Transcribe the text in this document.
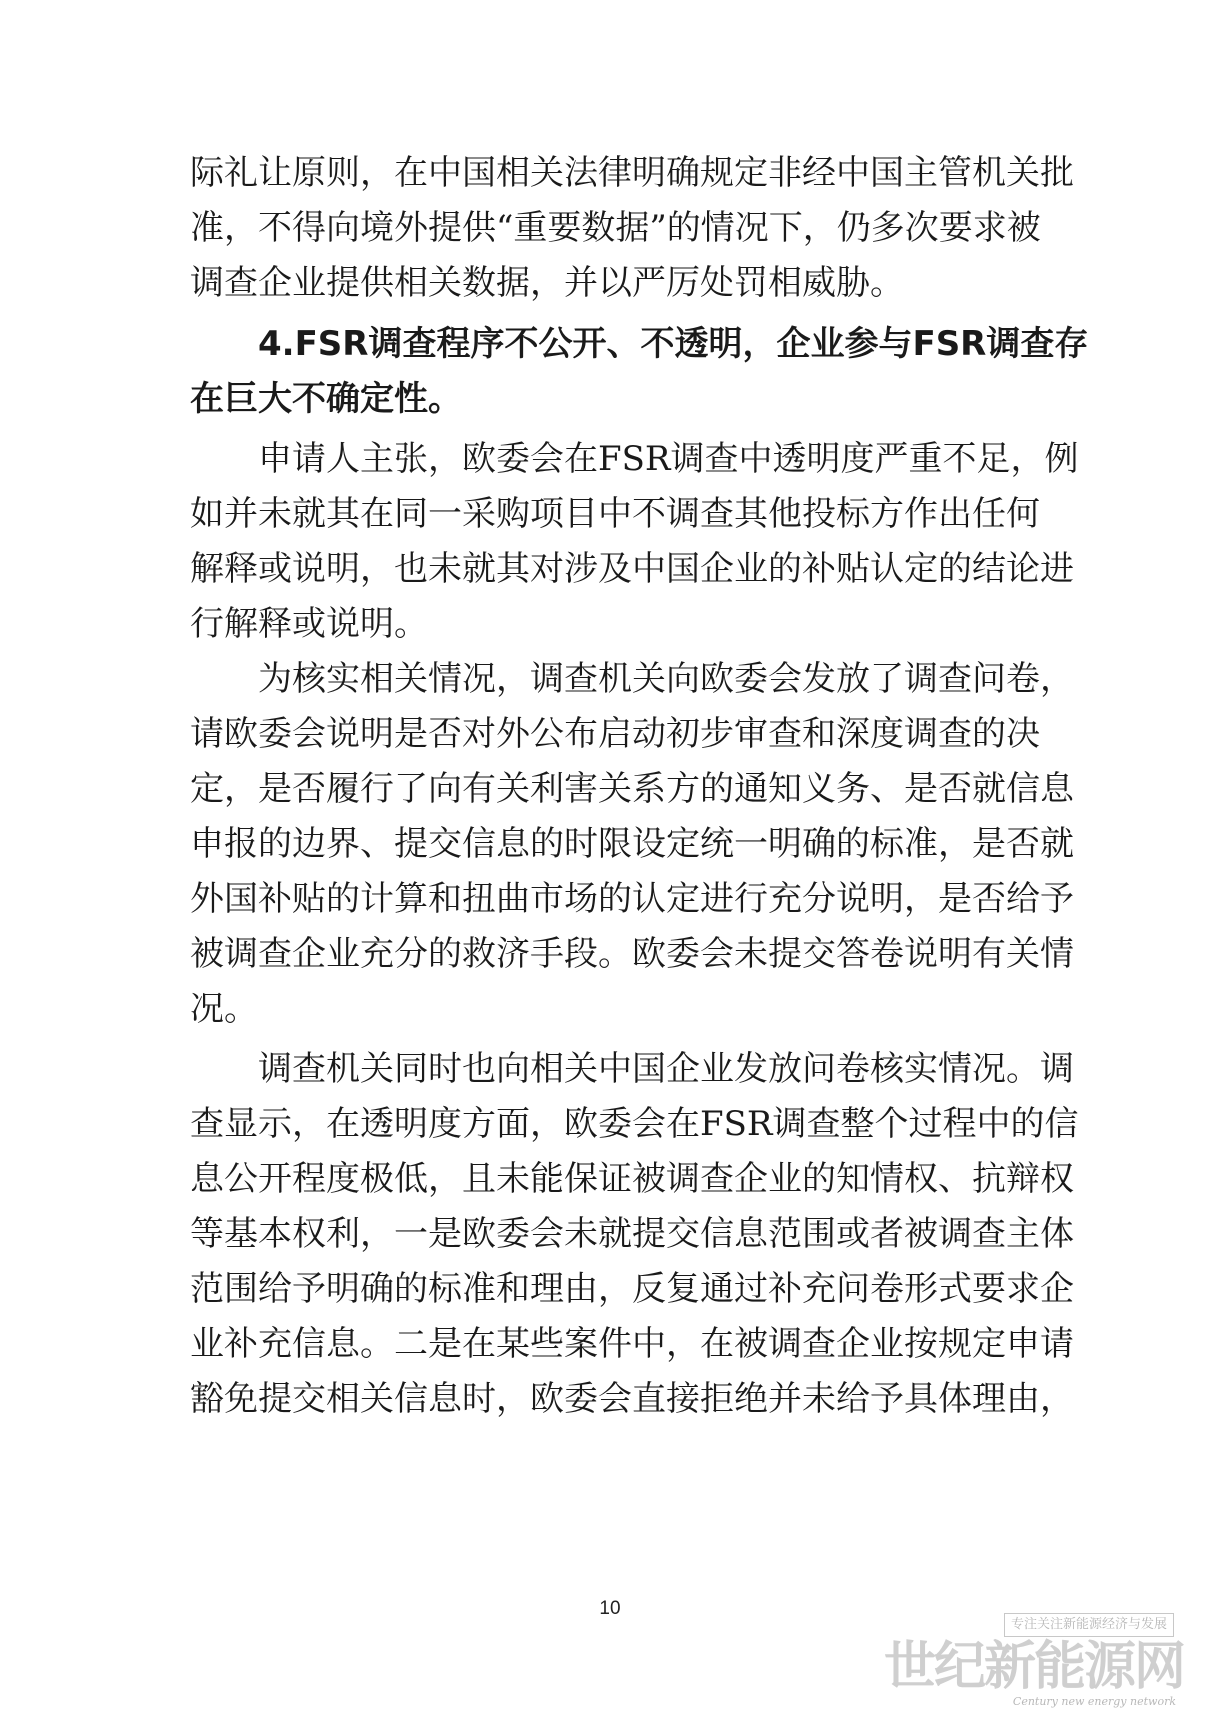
际礼让原则，在中国相关法律明确规定非经中国主管机关批
准，不得向境外提供“重要数据”的情况下，仍多次要求被
调查企业提供相关数据，并以严厉处罚相威胁。
4.FSR调查程序不公开、不透明，企业参与FSR调查存
在巨大不确定性。
申请人主张，欧委会在FSR调查中透明度严重不足，例
如并未就其在同一采购项目中不调查其他投标方作出任何
解释或说明，也未就其对涉及中国企业的补贴认定的结论进
行解释或说明。
为核实相关情况，调查机关向欧委会发放了调查问卷，
请欧委会说明是否对外公布启动初步审查和深度调查的决
定，是否履行了向有关利害关系方的通知义务、是否就信息
申报的边界、提交信息的时限设定统一明确的标准，是否就
外国补贴的计算和扭曲市场的认定进行充分说明，是否给予
被调查企业充分的救济手段。欧委会未提交答卷说明有关情
况。
调查机关同时也向相关中国企业发放问卷核实情况。调
查显示，在透明度方面，欧委会在FSR调查整个过程中的信
息公开程度极低，且未能保证被调查企业的知情权、抗辩权
等基本权利，一是欧委会未就提交信息范围或者被调查主体
范围给予明确的标准和理由，反复通过补充问卷形式要求企
业补充信息。二是在某些案件中，在被调查企业按规定申请
豁免提交相关信息时，欧委会直接拒绝并未给予具体理由，
10
专注关注新能源经济与发展
世纪新能源网
Century new energy network
